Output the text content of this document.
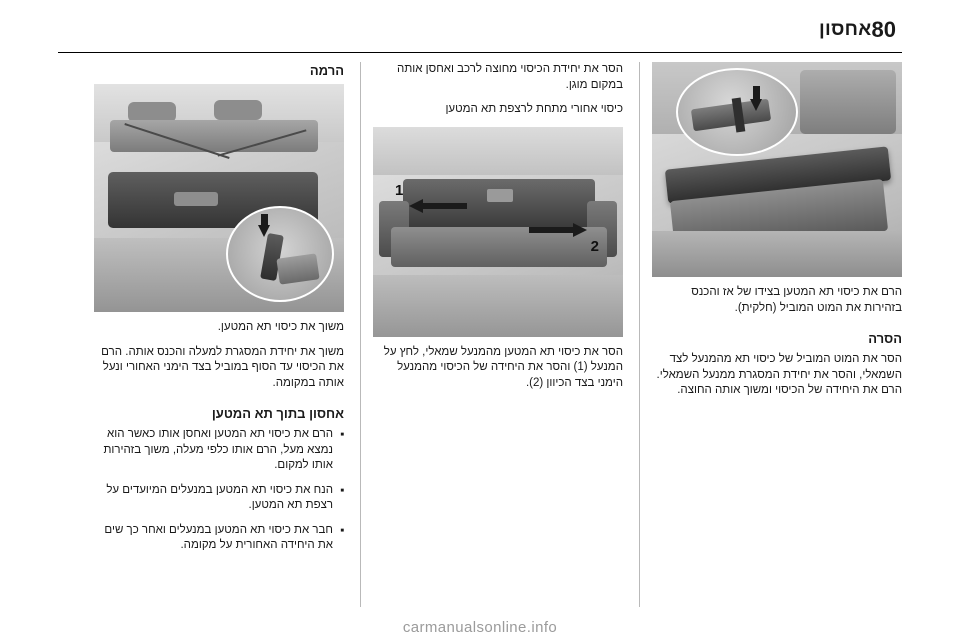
80
אחסון

הרם את כיסוי תא המטען בצידו של אז והכנס בזהירות את המוט המוביל (חלקית).

הסרה

הסר את המוט המוביל של כיסוי תא מהמנעל לצד השמאלי, והסר את יחידת המסגרת ממנעל השמאלי. הרם את היחידה של הכיסוי ומשוך אותה החוצה.

הסר את יחידת הכיסוי מחוצה לרכב ואחסן אותה במקום מוגן.

כיסוי אחורי מתחת לרצפת תא המטען

1
2

הסר את כיסוי תא המטען מהמנעל שמאלי, לחץ על המנעל (1) והסר את היחידה של הכיסוי מהמנעל הימני בצד הכיוון (2).

הרמה

משוך את כיסוי תא המטען.

משוך את יחידת המסגרת למעלה והכנס אותה. הרם את הכיסוי עד הסוף במוביל בצד הימני האחורי ונעל אותה במקומה.

אחסון בתוך תא המטען
■ הרם את כיסוי תא המטען ואחסן אותו כאשר הוא נמצא מעל, הרם אותו כלפי מעלה, משוך בזהירות אותו למקום.
■ הנח את כיסוי תא המטען במנעלים המיועדים על רצפת תא המטען.
■ חבר את כיסוי תא המטען במנעלים ואחר כך שים את היחידה האחורית על מקומה.
carmanualsonline.info
